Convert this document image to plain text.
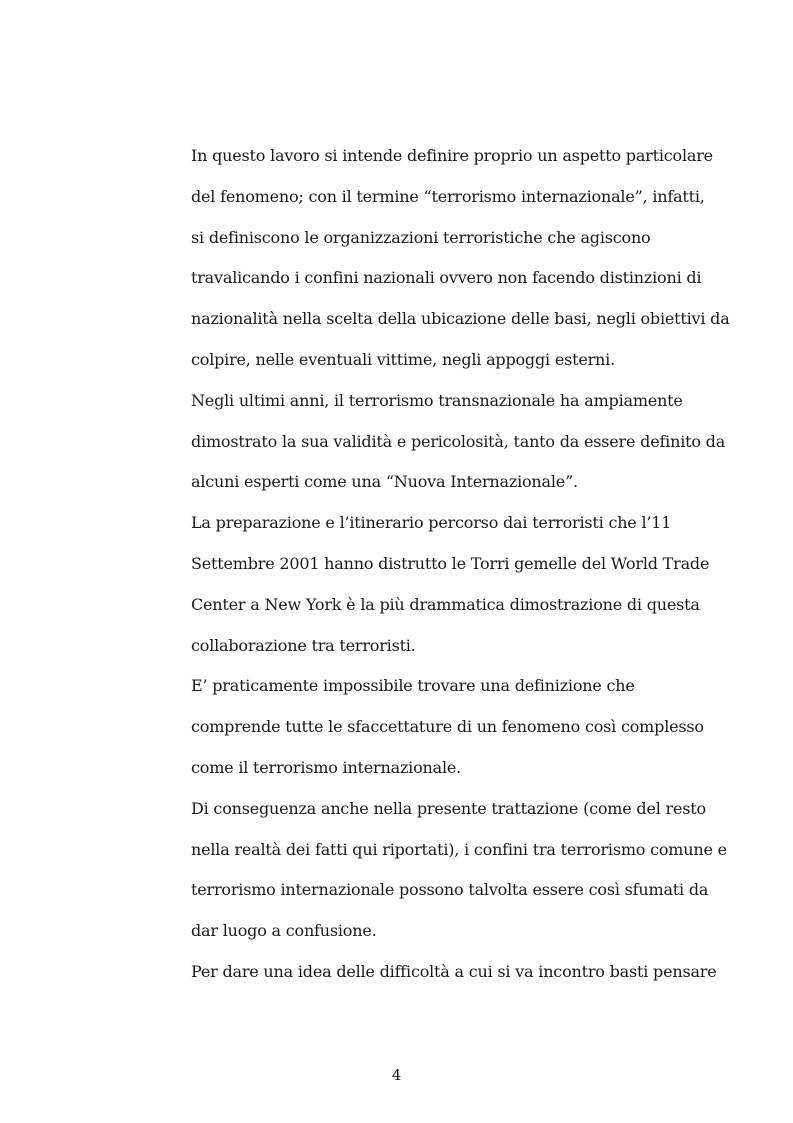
In questo lavoro si intende definire proprio un aspetto particolare
del fenomeno; con il termine “terrorismo internazionale”, infatti,
si definiscono le organizzazioni terroristiche che agiscono
travalicando i confini nazionali ovvero non facendo distinzioni di
nazionalità nella scelta della ubicazione delle basi, negli obiettivi da
colpire, nelle eventuali vittime, negli appoggi esterni.
Negli ultimi anni, il terrorismo transnazionale ha ampiamente
dimostrato la sua validità e pericolosità, tanto da essere definito da
alcuni esperti come una “Nuova Internazionale”.
La preparazione e l’itinerario percorso dai terroristi che l’11
Settembre 2001 hanno distrutto le Torri gemelle del World Trade
Center a New York è la più drammatica dimostrazione di questa
collaborazione tra terroristi.
E’ praticamente impossibile trovare una definizione che
comprende tutte le sfaccettature di un fenomeno così complesso
come il terrorismo internazionale.
Di conseguenza anche nella presente trattazione (come del resto
nella realtà dei fatti qui riportati), i confini tra terrorismo comune e
terrorismo internazionale possono talvolta essere così sfumati da
dar luogo a confusione.
Per dare una idea delle difficoltà a cui si va incontro basti pensare
4
